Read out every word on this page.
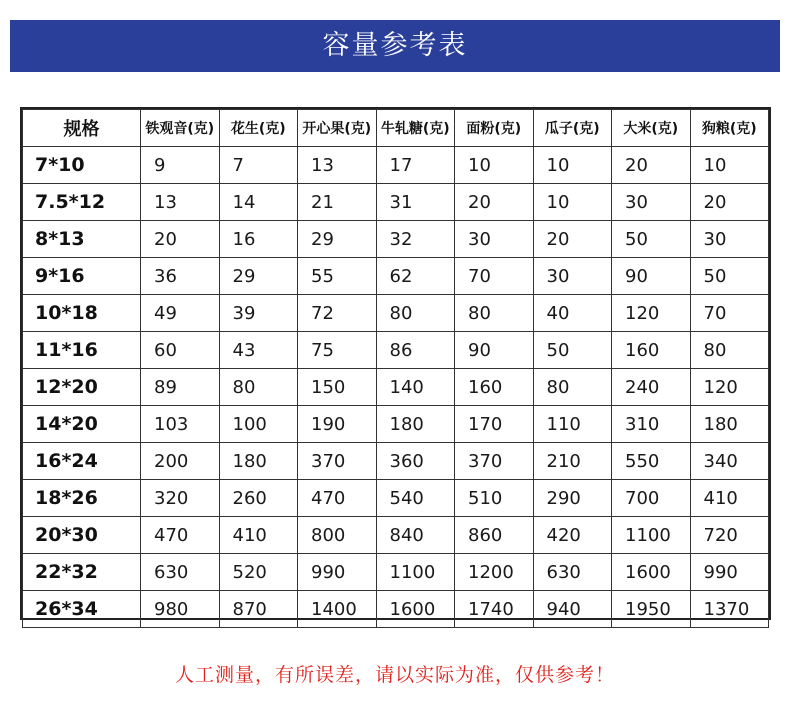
容量参考表
规格	铁观音(克)	花生(克)	开心果(克)	牛轧糖(克)	面粉(克)	瓜子(克)	大米(克)	狗粮(克)
7*10	9	7	13	17	10	10	20	10
7.5*12	13	14	21	31	20	10	30	20
8*13	20	16	29	32	30	20	50	30
9*16	36	29	55	62	70	30	90	50
10*18	49	39	72	80	80	40	120	70
11*16	60	43	75	86	90	50	160	80
12*20	89	80	150	140	160	80	240	120
14*20	103	100	190	180	170	110	310	180
16*24	200	180	370	360	370	210	550	340
18*26	320	260	470	540	510	290	700	410
20*30	470	410	800	840	860	420	1100	720
22*32	630	520	990	1100	1200	630	1600	990
26*34	980	870	1400	1600	1740	940	1950	1370
人工测量，有所误差，请以实际为准，仅供参考！
